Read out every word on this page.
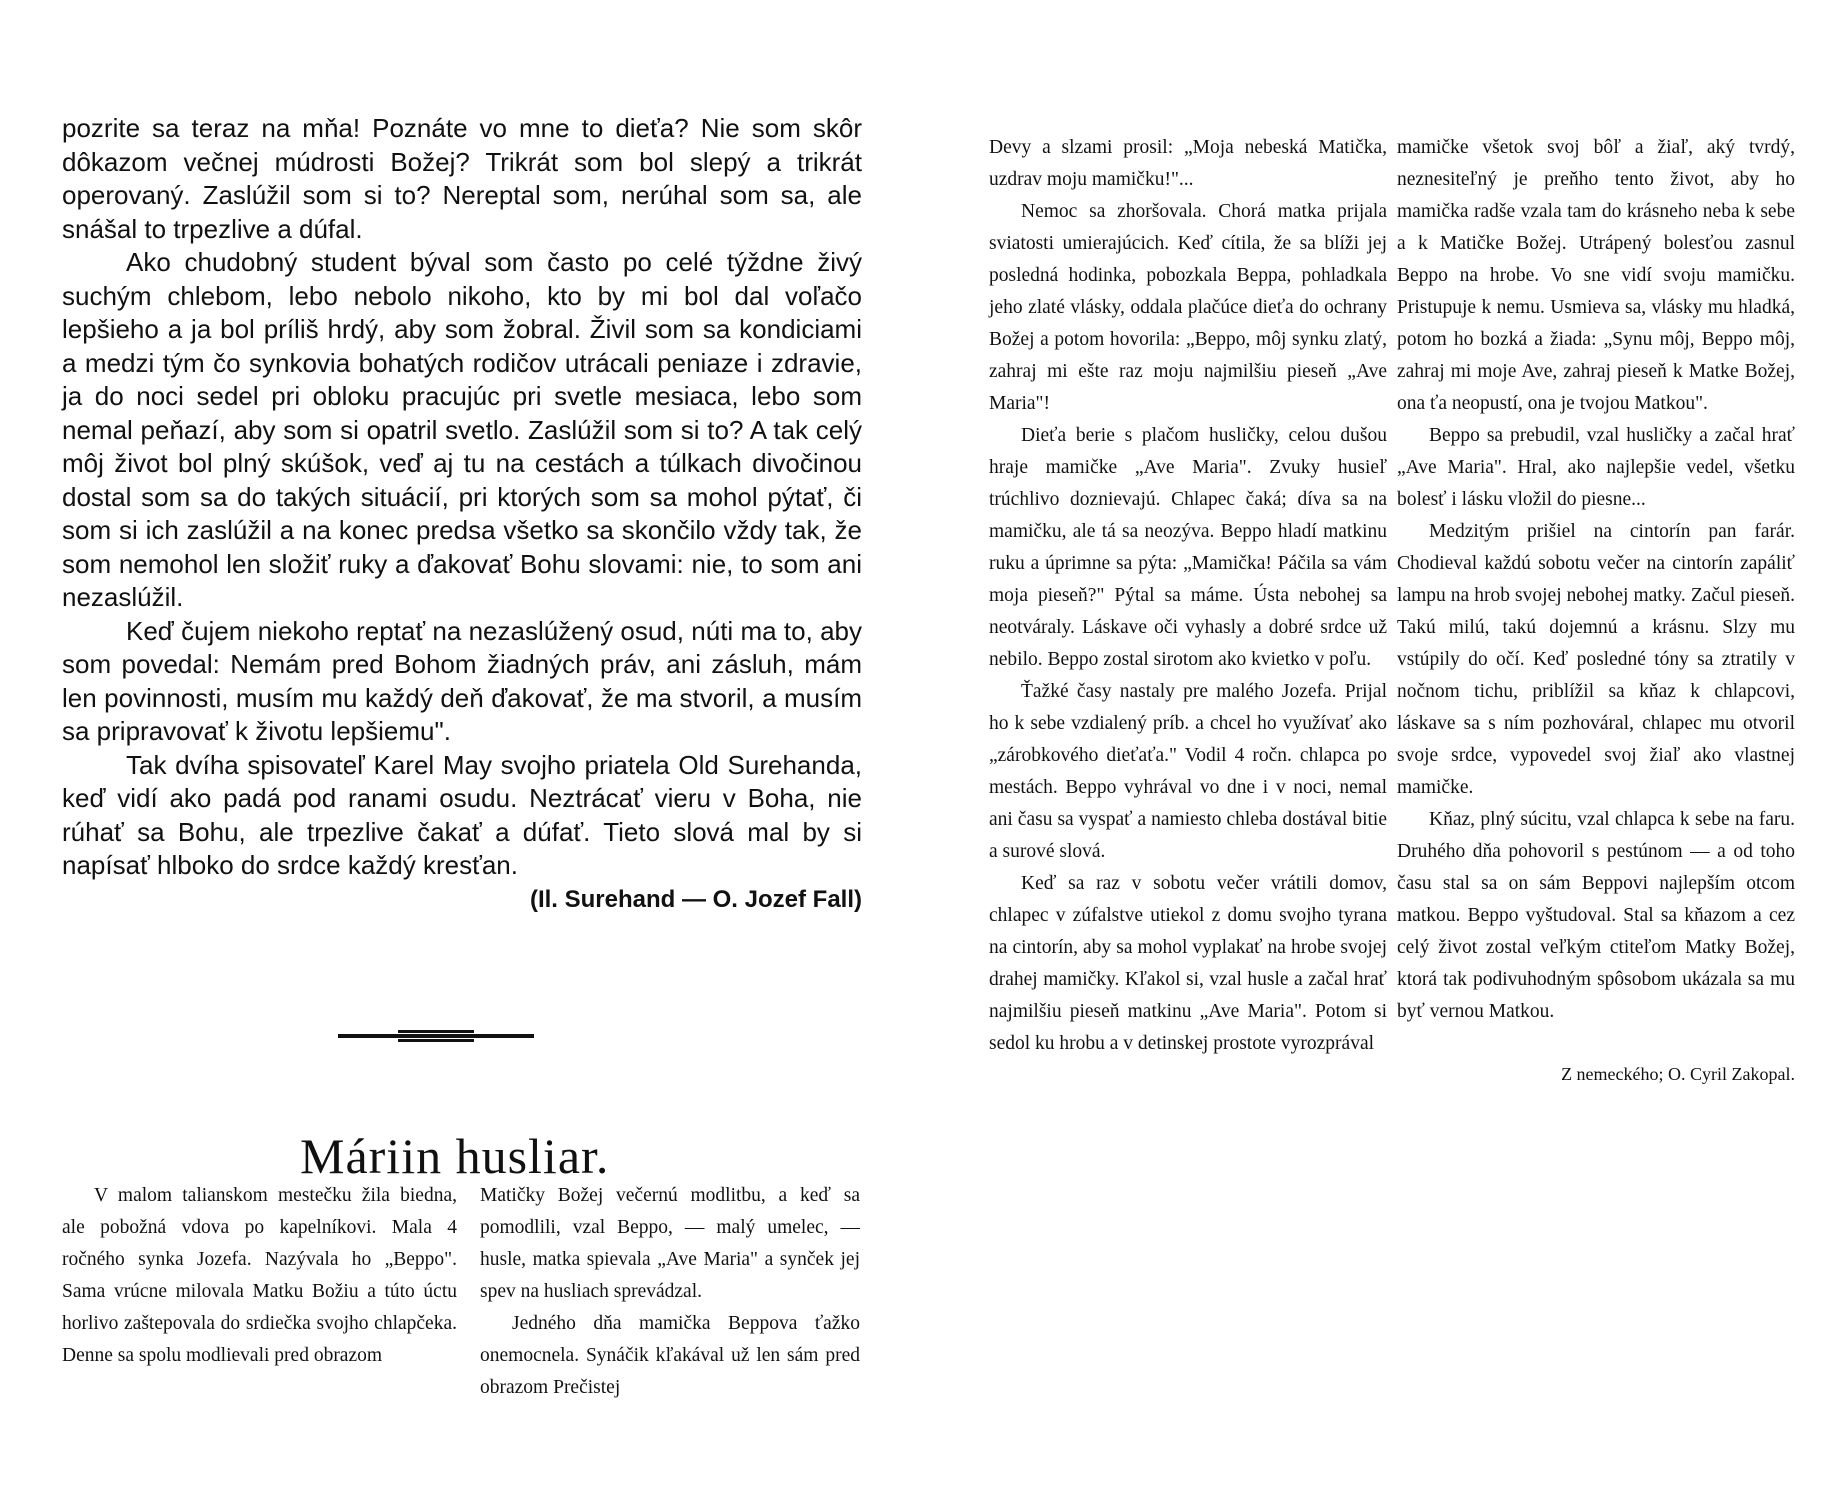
pozrite sa teraz na mňa! Poznáte vo mne to dieťa? Nie som skôr dôkazom večnej múdrosti Božej? Trikrát som bol slepý a trikrát operovaný. Zaslúžil som si to? Nereptal som, nerúhal som sa, ale snášal to trpezlive a dúfal.

Ako chudobný student býval som často po celé týždne živý suchým chlebom, lebo nebolo nikoho, kto by mi bol dal voľačo lepšieho a ja bol príliš hrdý, aby som žobral. Živil som sa kondiciami a medzi tým čo synkovia bohatých rodičov utrácali peniaze i zdravie, ja do noci sedel pri obloku pracujúc pri svetle mesiaca, lebo som nemal peňazí, aby som si opatril svetlo. Zaslúžil som si to? A tak celý môj život bol plný skúšok, veď aj tu na cestách a túlkach divočinou dostal som sa do takých situácií, pri ktorých som sa mohol pýtať, či som si ich zaslúžil a na konec predsa všetko sa skončilo vždy tak, že som nemohol len složiť ruky a ďakovať Bohu slovami: nie, to som ani nezaslúžil.

Keď čujem niekoho reptať na nezaslúžený osud, núti ma to, aby som povedal: Nemám pred Bohom žiadných práv, ani zásluh, mám len povinnosti, musím mu každý deň ďakovať, že ma stvoril, a musím sa pripravovať k životu lepšiemu".

Tak dvíha spisovateľ Karel May svojho priatela Old Surehanda, keď vidí ako padá pod ranami osudu. Neztrácať vieru v Boha, nie rúhať sa Bohu, ale trpezlive čakať a dúfať. Tieto slová mal by si napísať hlboko do srdce každý kresťan.

(Il. Surehand — O. Jozef Fall)
Máriin husliar.

V malom talianskom mestečku žila biedna, ale pobožná vdova po kapelníkovi. Mala 4 ročného synka Jozefa. Nazývala ho „Beppo". Sama vrúcne milovala Matku Božiu a túto úctu horlivo zaštepovala do srdiečka svojho chlapčeka. Denne sa spolu modlievali pred obrazom

Matičky Božej večernú modlitbu, a keď sa pomodlili, vzal Beppo, — malý umelec, — husle, matka spievala „Ave Maria" a synček jej spev na husliach sprevádzal.

Jedného dňa mamička Beppova ťažko onemocnela. Synáčik kľakával už len sám pred obrazom Prečistej

Devy a slzami prosil: „Moja nebeská Matička, uzdrav moju mamičku!"...

Nemoc sa zhoršovala. Chorá matka prijala sviatosti umierajúcich. Keď cítila, že sa blíži jej posledná hodinka, pobozkala Beppa, pohladkala jeho zlaté vlásky, oddala plačúce dieťa do ochrany Božej a potom hovorila: „Beppo, môj synku zlatý, zahraj mi ešte raz moju najmilšiu pieseň „Ave Maria"!

Dieťa berie s plačom husličky, celou dušou hraje mamičke „Ave Maria". Zvuky husieľ trúchlivo doznievajú. Chlapec čaká; díva sa na mamičku, ale tá sa neozýva. Beppo hladí matkinu ruku a úprimne sa pýta: „Mamička! Páčila sa vám moja pieseň?" Pýtal sa máme. Ústa nebohej sa neotváraly. Láskave oči vyhasly a dobré srdce už nebilo. Beppo zostal sirotom ako kvietko v poľu.

Ťažké časy nastaly pre malého Jozefa. Prijal ho k sebe vzdialený príb. a chcel ho využívať ako „zárobkového dieťaťa." Vodil 4 ročn. chlapca po mestách. Beppo vyhrával vo dne i v noci, nemal ani času sa vyspať a namiesto chleba dostával bitie a surové slová.

Keď sa raz v sobotu večer vrátili domov, chlapec v zúfalstve utiekol z domu svojho tyrana na cintorín, aby sa mohol vyplakať na hrobe svojej drahej mamičky. Kľakol si, vzal husle a začal hrať najmilšiu pieseň matkinu „Ave Maria". Potom si sedol ku hrobu a v detinskej prostote vyrozprával

mamičke všetok svoj bôľ a žiaľ, aký tvrdý, neznesiteľný je preňho tento život, aby ho mamička radše vzala tam do krásneho neba k sebe a k Matičke Božej. Utrápený bolesťou zasnul Beppo na hrobe. Vo sne vidí svoju mamičku. Pristupuje k nemu. Usmieva sa, vlásky mu hladká, potom ho bozká a žiada: „Synu môj, Beppo môj, zahraj mi moje Ave, zahraj pieseň k Matke Božej, ona ťa neopustí, ona je tvojou Matkou".

Beppo sa prebudil, vzal husličky a začal hrať „Ave Maria". Hral, ako najlepšie vedel, všetku bolesť i lásku vložil do piesne...

Medzitým prišiel na cintorín pan farár. Chodieval každú sobotu večer na cintorín zapáliť lampu na hrob svojej nebohej matky. Začul pieseň. Takú milú, takú dojemnú a krásnu. Slzy mu vstúpily do očí. Keď posledné tóny sa ztratily v nočnom tichu, priblížil sa kňaz k chlapcovi, láskave sa s ním pozhováral, chlapec mu otvoril svoje srdce, vypovedel svoj žiaľ ako vlastnej mamičke.

Kňaz, plný súcitu, vzal chlapca k sebe na faru. Druhého dňa pohovoril s pestúnom — a od toho času stal sa on sám Beppovi najlepším otcom matkou. Beppo vyštudoval. Stal sa kňazom a cez celý život zostal veľkým ctiteľom Matky Božej, ktorá tak podivuhodným spôsobom ukázala sa mu byť vernou Matkou.

Z nemeckého; O. Cyril Zakopal.
